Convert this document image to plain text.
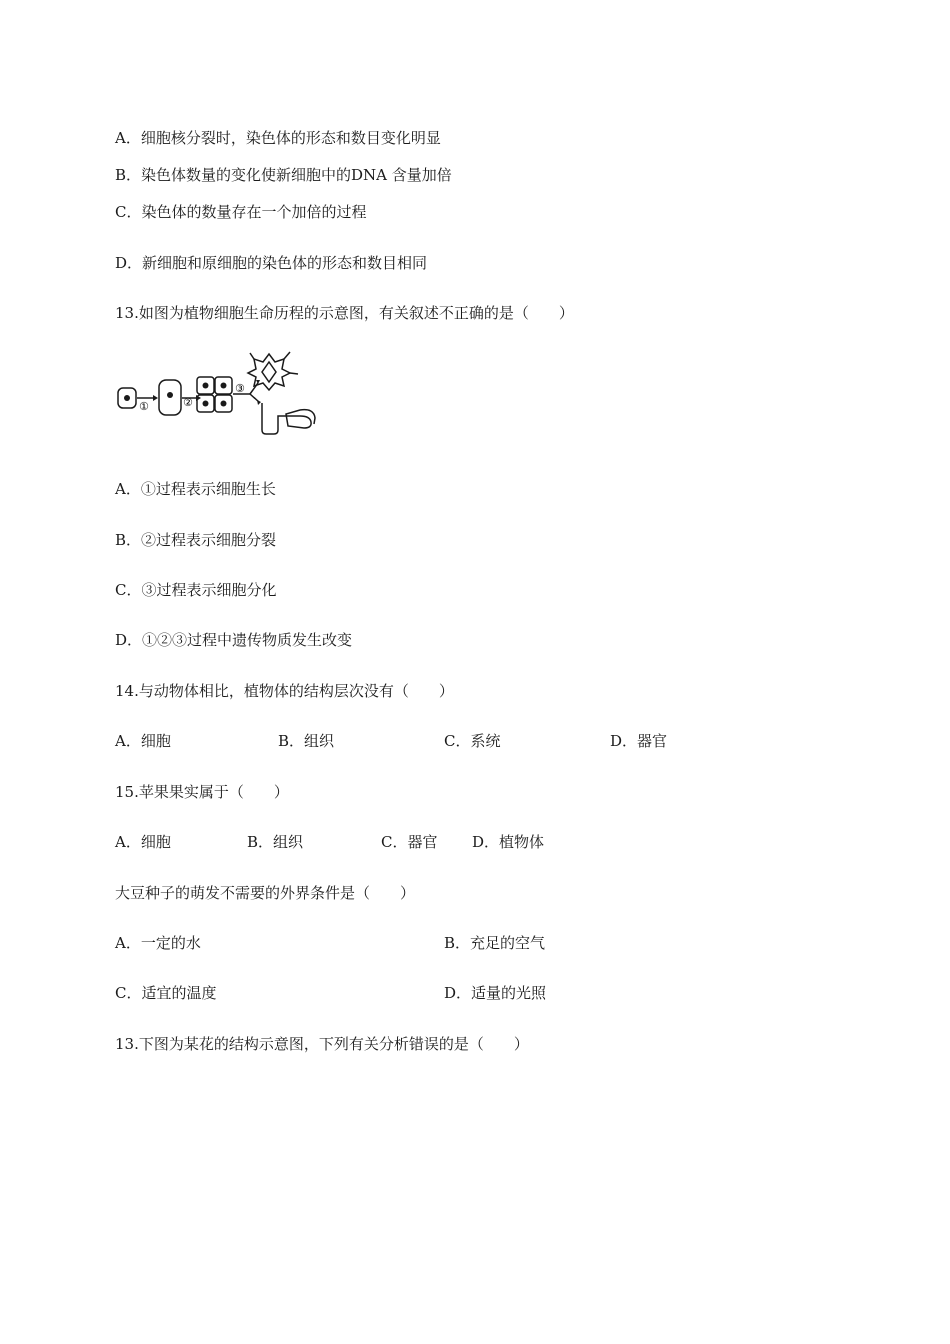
A．细胞核分裂时，染色体的形态和数目变化明显
B．染色体数量的变化使新细胞中的DNA 含量加倍
C．染色体的数量存在一个加倍的过程
D．新细胞和原细胞的染色体的形态和数目相同
13.如图为植物细胞生命历程的示意图，有关叙述不正确的是（　　）
①	②
③
A．①过程表示细胞生长
B．②过程表示细胞分裂
C．③过程表示细胞分化
D．①②③过程中遗传物质发生改变
14.与动物体相比，植物体的结构层次没有（　　）
A．细胞	B．组织	C．系统	D．器官
15.苹果果实属于（　　）
A．细胞	B．组织	C．器官 D．植物体
大豆种子的萌发不需要的外界条件是（　　）
A．一定的水	B．充足的空气
C．适宜的温度	D．适量的光照
13.下图为某花的结构示意图，下列有关分析错误的是（　　）
